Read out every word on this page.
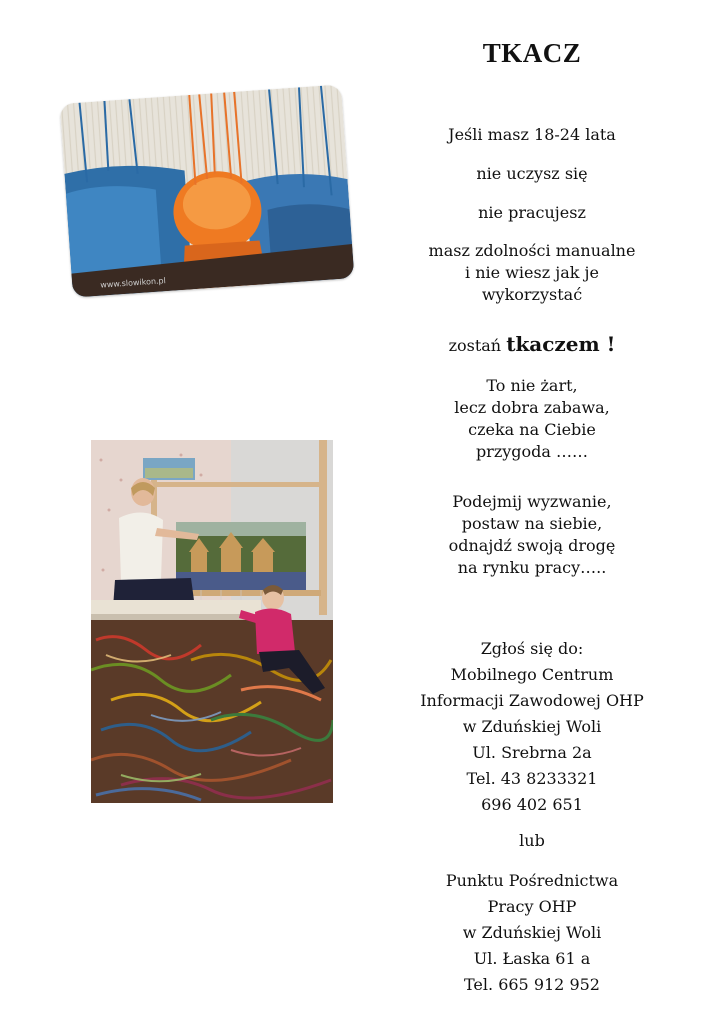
TKACZ
www.slowikon.pl

Jeśli masz 18-24 lata

nie uczysz się

nie pracujesz

masz zdolności manualne

i nie wiesz jak je

wykorzystać

zostań tkaczem !

To nie żart,

lecz dobra zabawa,

czeka na Ciebie

przygoda ……

Podejmij wyzwanie,

postaw na siebie,

odnajdź swoją drogę

na rynku pracy…..

Zgłoś się do:

Mobilnego Centrum

Informacji Zawodowej OHP

w Zduńskiej Woli

Ul. Srebrna 2a

Tel. 43 8233321

696 402 651

lub

Punktu Pośrednictwa

Pracy OHP

w Zduńskiej Woli

Ul. Łaska 61 a

Tel. 665 912 952
